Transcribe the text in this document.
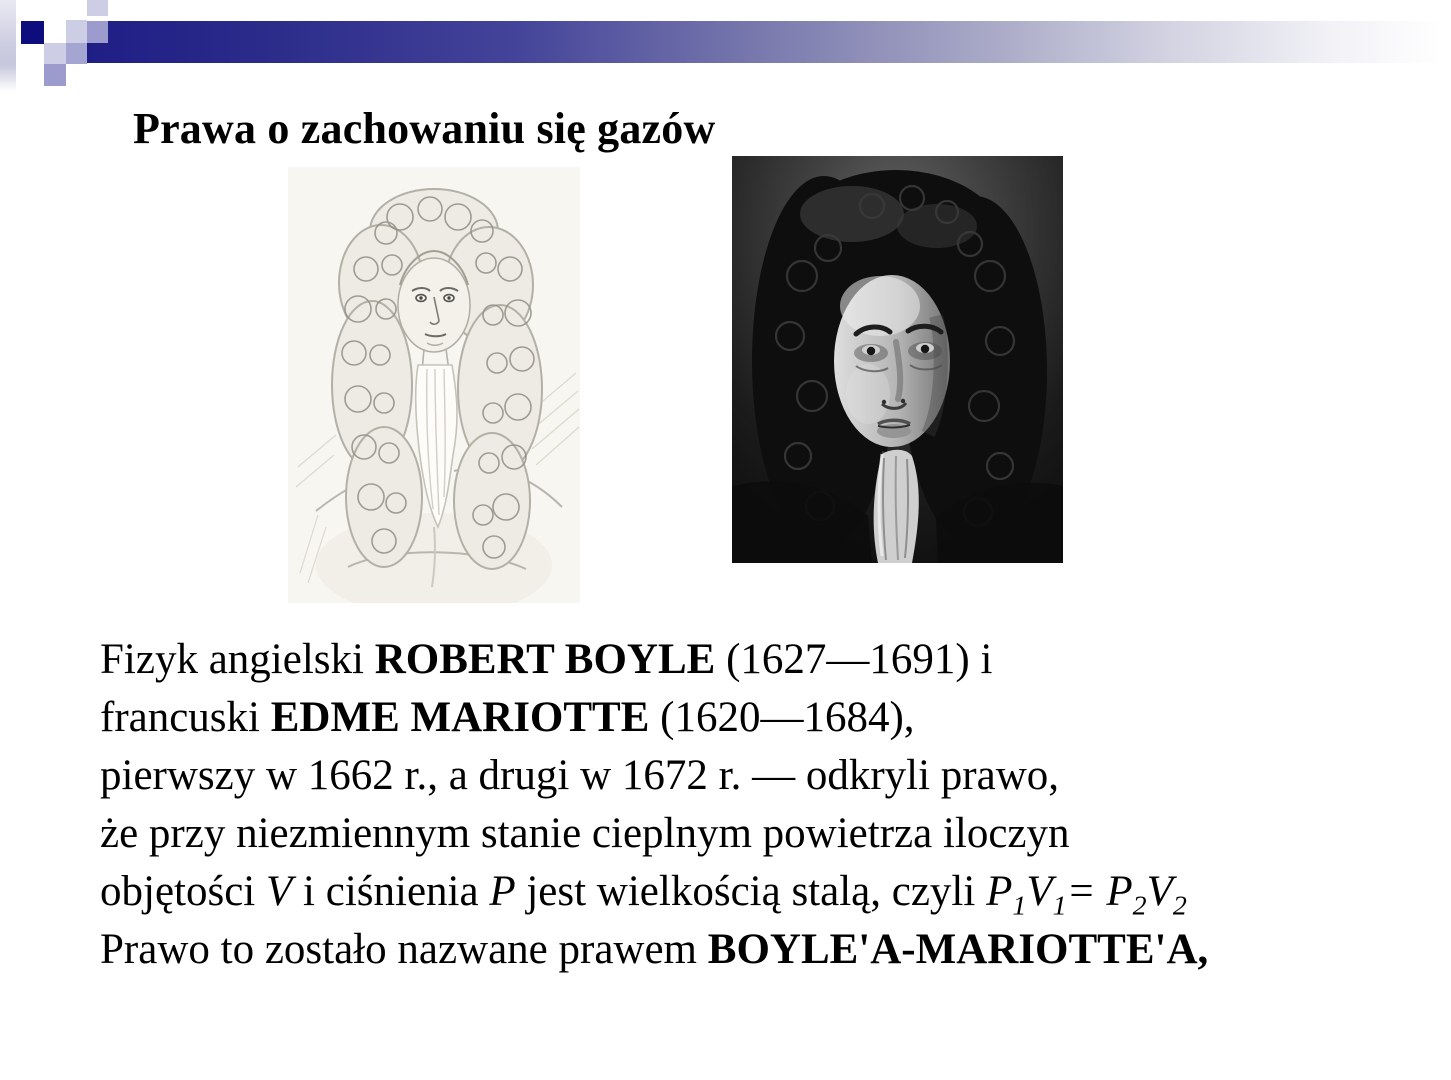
Prawa o zachowaniu się gazów
Fizyk angielski ROBERT BOYLE (1627—1691) i
francuski EDME MARIOTTE (1620—1684),
pierwszy w 1662 r., a drugi w 1672 r. — odkryli prawo,
że przy niezmiennym stanie cieplnym powietrza iloczyn
objętości V i ciśnienia P jest wielkością stalą, czyli $P_1V_1= P_2V_2$
Prawo to zostało nazwane prawem BOYLE'A-MARIOTTE'A,
